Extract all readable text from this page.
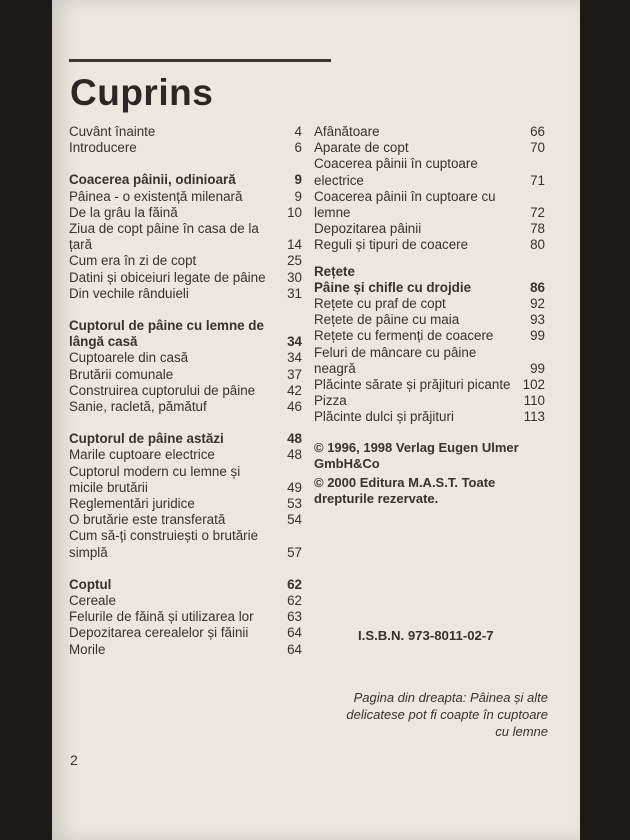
Cuprins
Cuvânt înainte	4
Introducere	6
Coacerea pâinii, odinioară	9
Pâinea - o existență milenară	9
De la grâu la făină	10
Ziua de copt pâine în casa de la țară	14
Cum era în zi de copt	25
Datini și obiceiuri legate de pâine	30
Din vechile rânduieli	31
Cuptorul de pâine cu lemne de lângă casă	34
Cuptoarele din casă	34
Brutării comunale	37
Construirea cuptorului de pâine	42
Sanie, racletă, pămătuf	46
Cuptorul de pâine astăzi	48
Marile cuptoare electrice	48
Cuptorul modern cu lemne și micile brutării	49
Reglementări juridice	53
O brutărie este transferată	54
Cum să-ți construiești o brutărie simplă	57
Coptul	62
Cereale	62
Felurile de făină și utilizarea lor	63
Depozitarea cerealelor și făinii	64
Morile	64
Afânătoare	66
Aparate de copt	70
Coacerea pâinii în cuptoare electrice	71
Coacerea pâinii în cuptoare cu lemne	72
Depozitarea pâinii	78
Reguli și tipuri de coacere	80
Rețete
Pâine și chifle cu drojdie	86
Rețete cu praf de copt	92
Rețete de pâine cu maia	93
Rețete cu fermenți de coacere	99
Feluri de mâncare cu pâine neagră	99
Plăcinte sărate și prăjituri picante 102
Pizza	110
Plăcinte dulci și prăjituri	113
© 1996, 1998 Verlag Eugen Ulmer GmbH&Co
© 2000 Editura M.A.S.T. Toate drepturile rezervate.
I.S.B.N. 973-8011-02-7
Pagina din dreapta: Pâinea și alte delicatese pot fi coapte în cuptoare cu lemne
2
